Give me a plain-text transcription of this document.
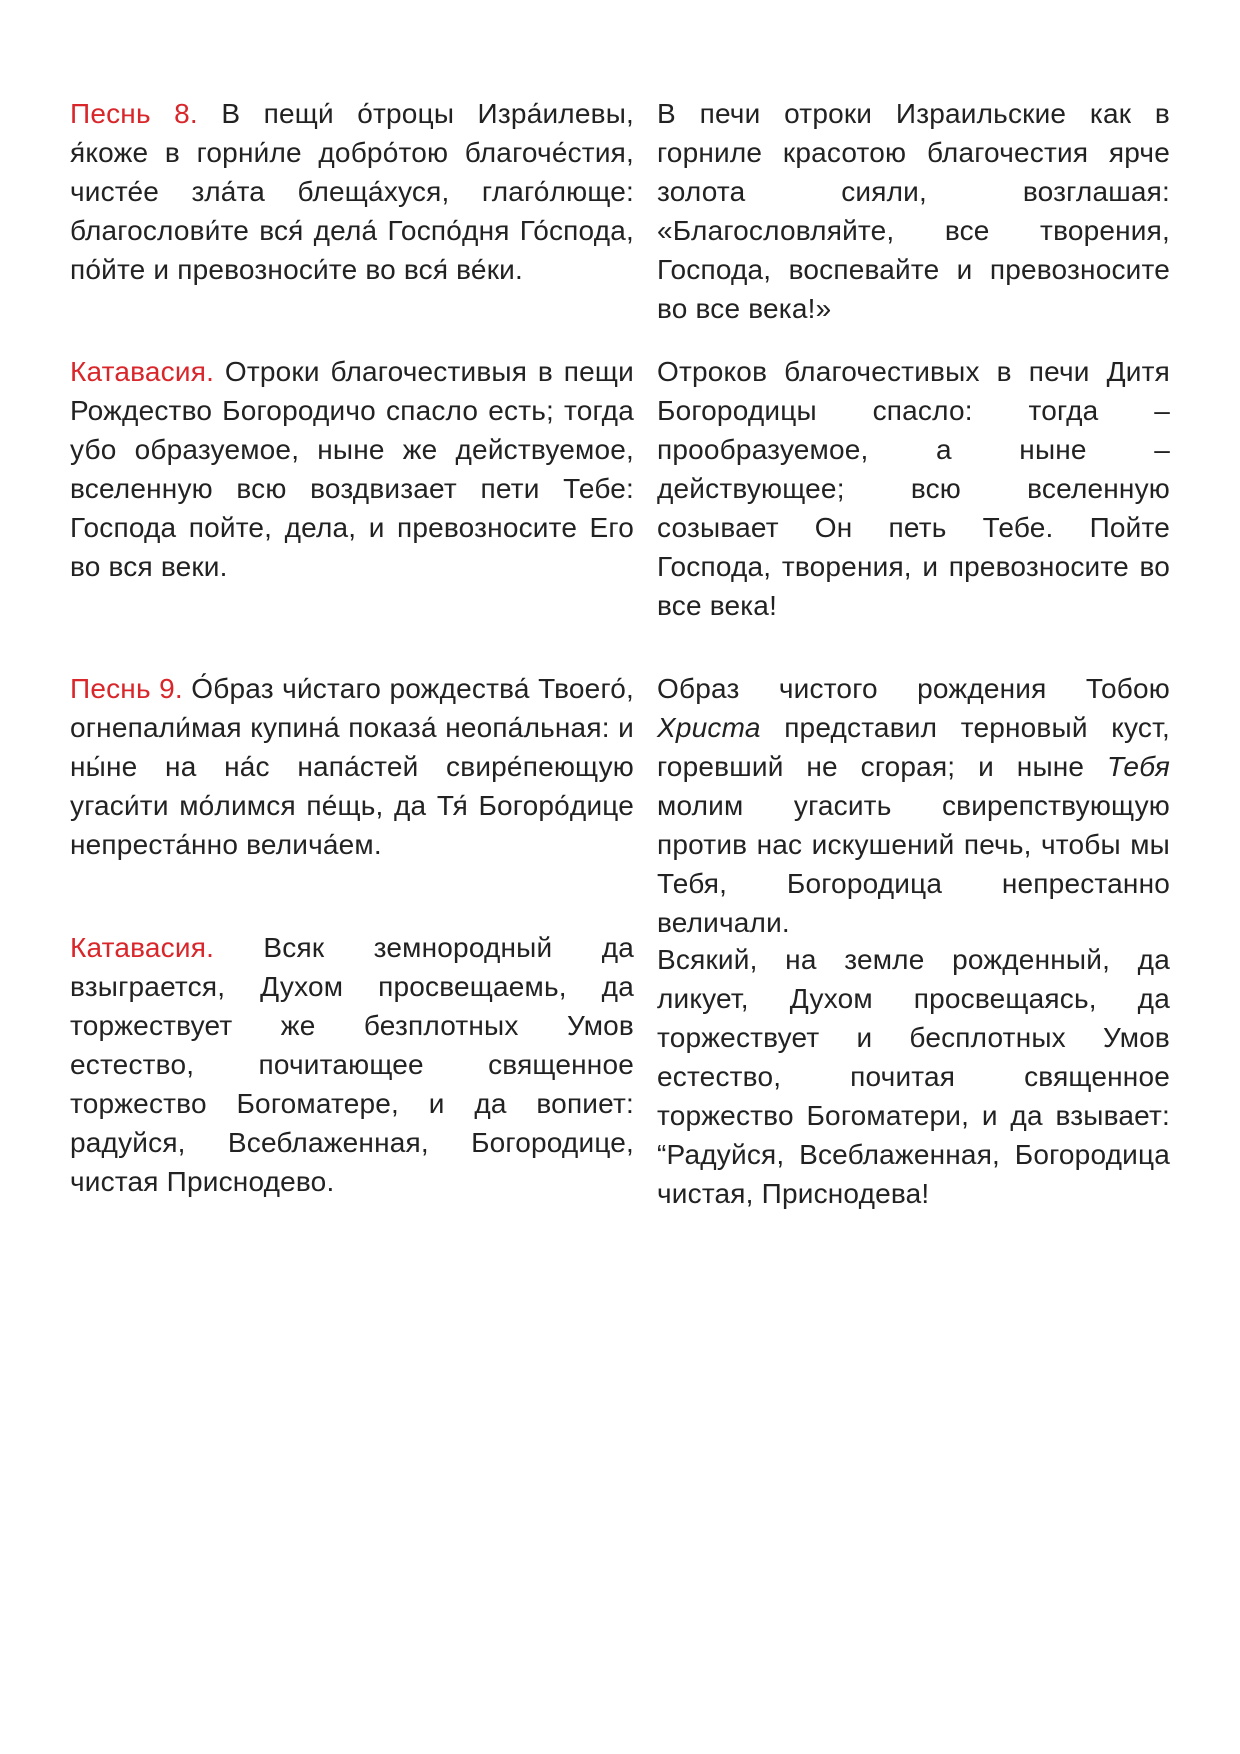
Песнь 8. В пещи́ о́троцы Изра́илевы, я́коже в горни́ле добро́тою благоче́стия, чисте́е зла́та блеща́хуся, глаго́люще: благослови́те вся́ дела́ Госпо́дня Го́спода, по́йте и превозноси́те во вся́ ве́ки.
В печи отроки Израильские как в горниле красотою благочестия ярче золота сияли, возглашая: «Благословляйте, все творения, Господа, воспевайте и превозносите во все века!»
Катавасия. Отроки благочестивыя в пещи Рождество Богородичо спасло есть; тогда убо образуемое, ныне же действуемое, вселенную всю воздвизает пети Тебе: Господа пойте, дела, и превозносите Его во вся веки.
Отроков благочестивых в печи Дитя Богородицы спасло: тогда – прообразуемое, а ныне – действующее; всю вселенную созывает Он петь Тебе. Пойте Господа, творения, и превозносите во все века!
Песнь 9. О́браз чи́стаго рождества́ Твоего́, огнепали́мая купина́ показа́ неопа́льная: и ны́не на на́с напа́стей свире́пеющую угаси́ти мо́лимся пе́щь, да Тя́ Богоро́дице непреста́нно велича́ем.
Образ чистого рождения Тобою Христа представил терновый куст, горевший не сгорая; и ныне Тебя молим угасить свирепствующую против нас искушений печь, чтобы мы Тебя, Богородица непрестанно величали.
Катавасия. Всяк земнородный да взыграется, Духом просвещаемь, да торжествует же безплотных Умов естество, почитающее священное торжество Богоматере, и да вопиет: радуйся, Всеблаженная, Богородице, чистая Приснодево.
Всякий, на земле рожденный, да ликует, Духом просвещаясь, да торжествует и бесплотных Умов естество, почитая священное торжество Богоматери, и да взывает: “Радуйся, Всеблаженная, Богородица чистая, Приснодева!
